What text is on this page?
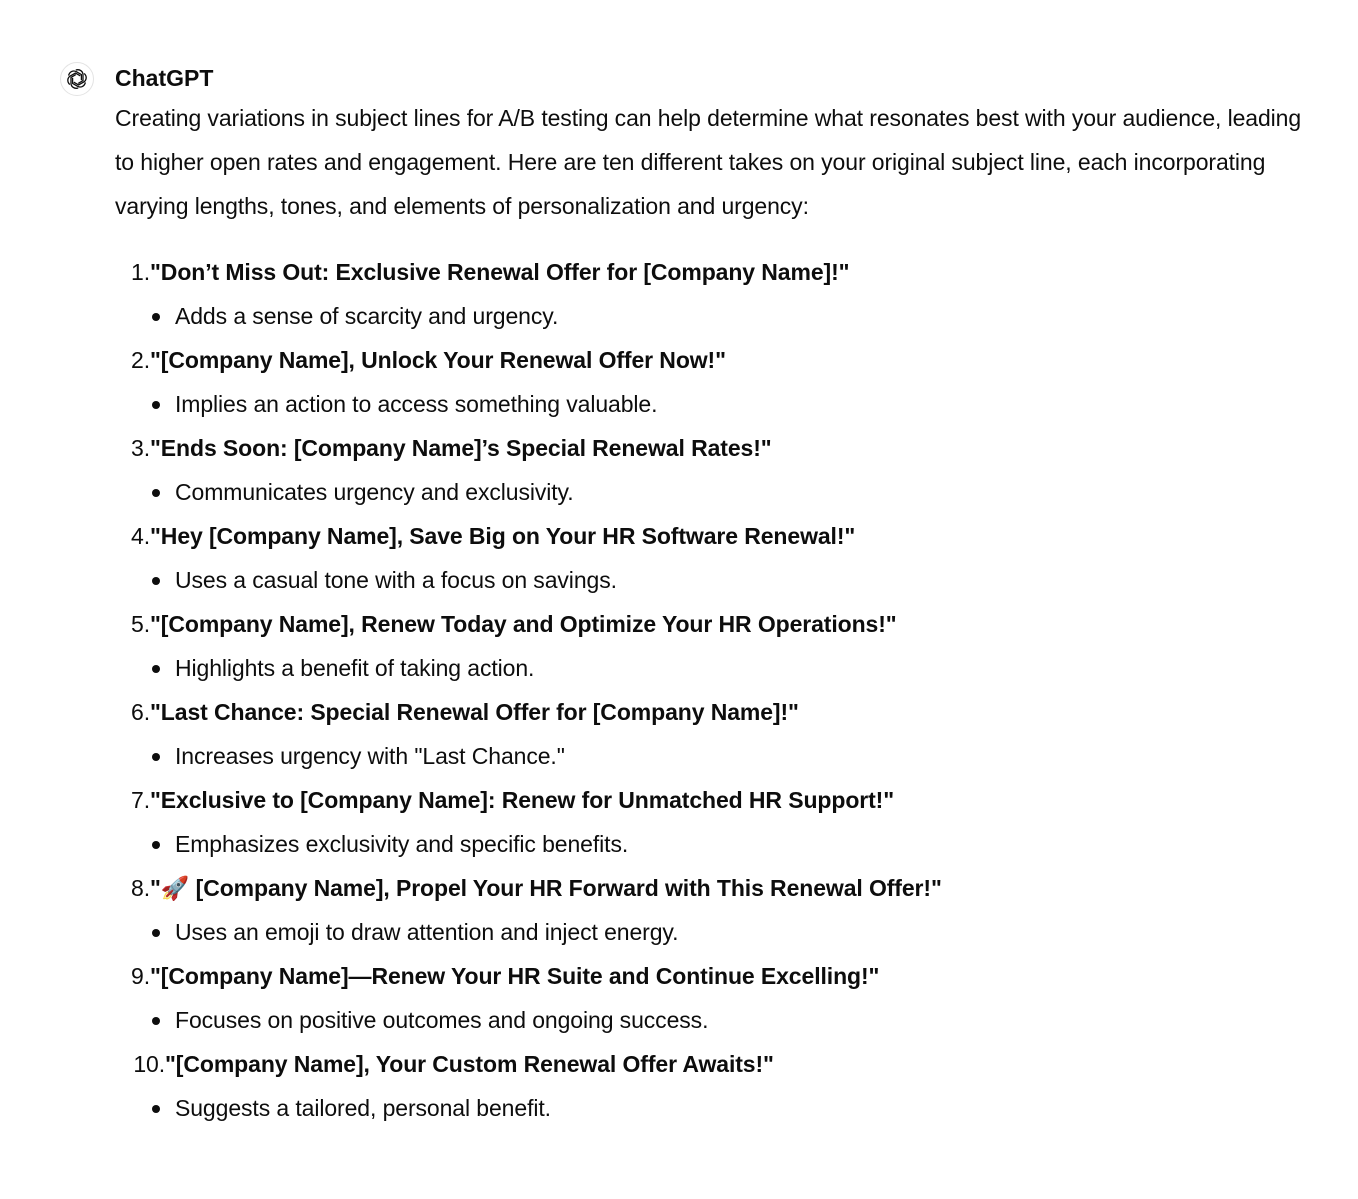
ChatGPT

Creating variations in subject lines for A/B testing can help determine what resonates best with your audience, leading to higher open rates and engagement. Here are ten different takes on your original subject line, each incorporating varying lengths, tones, and elements of personalization and urgency:

1. "Don’t Miss Out: Exclusive Renewal Offer for [Company Name]!"
Adds a sense of scarcity and urgency.
2. "[Company Name], Unlock Your Renewal Offer Now!"
Implies an action to access something valuable.
3. "Ends Soon: [Company Name]’s Special Renewal Rates!"
Communicates urgency and exclusivity.
4. "Hey [Company Name], Save Big on Your HR Software Renewal!"
Uses a casual tone with a focus on savings.
5. "[Company Name], Renew Today and Optimize Your HR Operations!"
Highlights a benefit of taking action.
6. "Last Chance: Special Renewal Offer for [Company Name]!"
Increases urgency with "Last Chance."
7. "Exclusive to [Company Name]: Renew for Unmatched HR Support!"
Emphasizes exclusivity and specific benefits.
8. "🚀 [Company Name], Propel Your HR Forward with This Renewal Offer!"
Uses an emoji to draw attention and inject energy.
9. "[Company Name]—Renew Your HR Suite and Continue Excelling!"
Focuses on positive outcomes and ongoing success.
10. "[Company Name], Your Custom Renewal Offer Awaits!"
Suggests a tailored, personal benefit.
